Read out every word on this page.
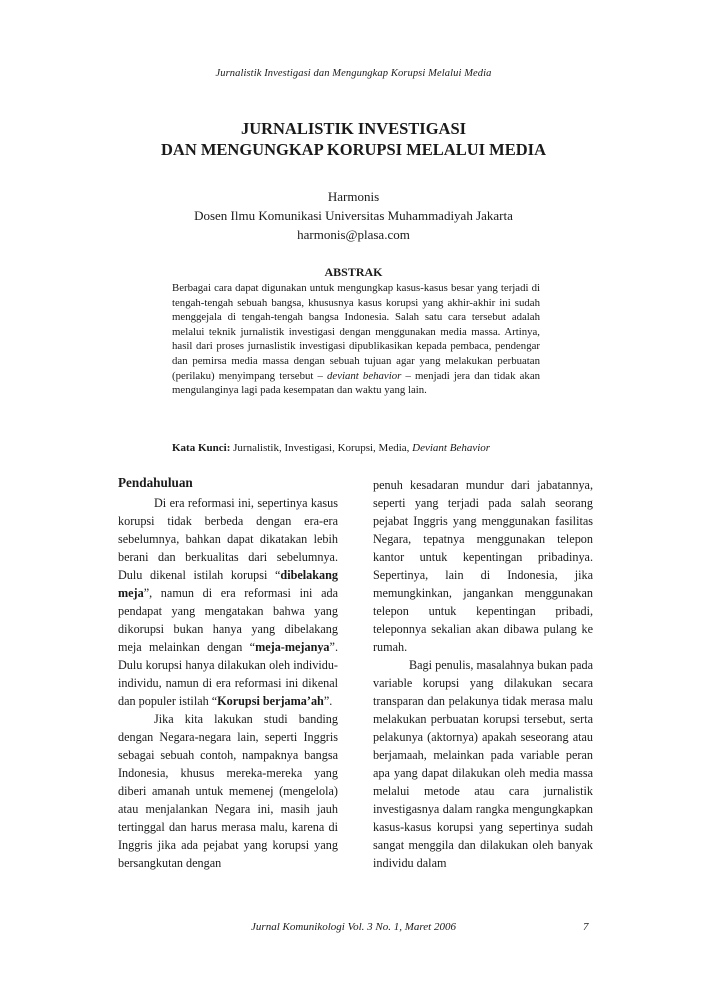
Jurnalistik Investigasi dan Mengungkap Korupsi Melalui Media
JURNALISTIK INVESTIGASI
DAN MENGUNGKAP KORUPSI MELALUI MEDIA
Harmonis
Dosen Ilmu Komunikasi Universitas Muhammadiyah Jakarta
harmonis@plasa.com
ABSTRAK
Berbagai cara dapat digunakan untuk mengungkap kasus-kasus besar yang terjadi di tengah-tengah sebuah bangsa, khususnya kasus korupsi yang akhir-akhir ini sudah menggejala di tengah-tengah bangsa Indonesia. Salah satu cara tersebut adalah melalui teknik jurnalistik investigasi dengan menggunakan media massa. Artinya, hasil dari proses jurnaslistik investigasi dipublikasikan kepada pembaca, pendengar dan pemirsa media massa dengan sebuah tujuan agar yang melakukan perbuatan (perilaku) menyimpang tersebut – deviant behavior – menjadi jera dan tidak akan mengulanginya lagi pada kesempatan dan waktu yang lain.
Kata Kunci: Jurnalistik, Investigasi, Korupsi, Media, Deviant Behavior
Pendahuluan

Di era reformasi ini, sepertinya kasus korupsi tidak berbeda dengan era-era sebelumnya, bahkan dapat dikatakan lebih berani dan berkualitas dari sebelumnya. Dulu dikenal istilah korupsi “dibelakang meja”, namun di era reformasi ini ada pendapat yang mengatakan bahwa yang dikorupsi bukan hanya yang dibelakang meja melainkan dengan “meja-mejanya”. Dulu korupsi hanya dilakukan oleh individu-individu, namun di era reformasi ini dikenal dan populer istilah “Korupsi berjama’ah”.

Jika kita lakukan studi banding dengan Negara-negara lain, seperti Inggris sebagai sebuah contoh, nampaknya bangsa Indonesia, khusus mereka-mereka yang diberi amanah untuk memenej (mengelola) atau menjalankan Negara ini, masih jauh tertinggal dan harus merasa malu, karena di Inggris jika ada pejabat yang korupsi yang bersangkutan dengan

penuh kesadaran mundur dari jabatannya, seperti yang terjadi pada salah seorang pejabat Inggris yang menggunakan fasilitas Negara, tepatnya menggunakan telepon kantor untuk kepentingan pribadinya. Sepertinya, lain di Indonesia, jika memungkinkan, jangankan menggunakan telepon untuk kepentingan pribadi, teleponnya sekalian akan dibawa pulang ke rumah.

Bagi penulis, masalahnya bukan pada variable korupsi yang dilakukan secara transparan dan pelakunya tidak merasa malu melakukan perbuatan korupsi tersebut, serta pelakunya (aktornya) apakah seseorang atau berjamaah, melainkan pada variable peran apa yang dapat dilakukan oleh media massa melalui metode atau cara jurnalistik investigasnya dalam rangka mengungkapkan kasus-kasus korupsi yang sepertinya sudah sangat menggila dan dilakukan oleh banyak individu dalam

Jurnal Komunikologi Vol. 3 No. 1, Maret 2006	7
